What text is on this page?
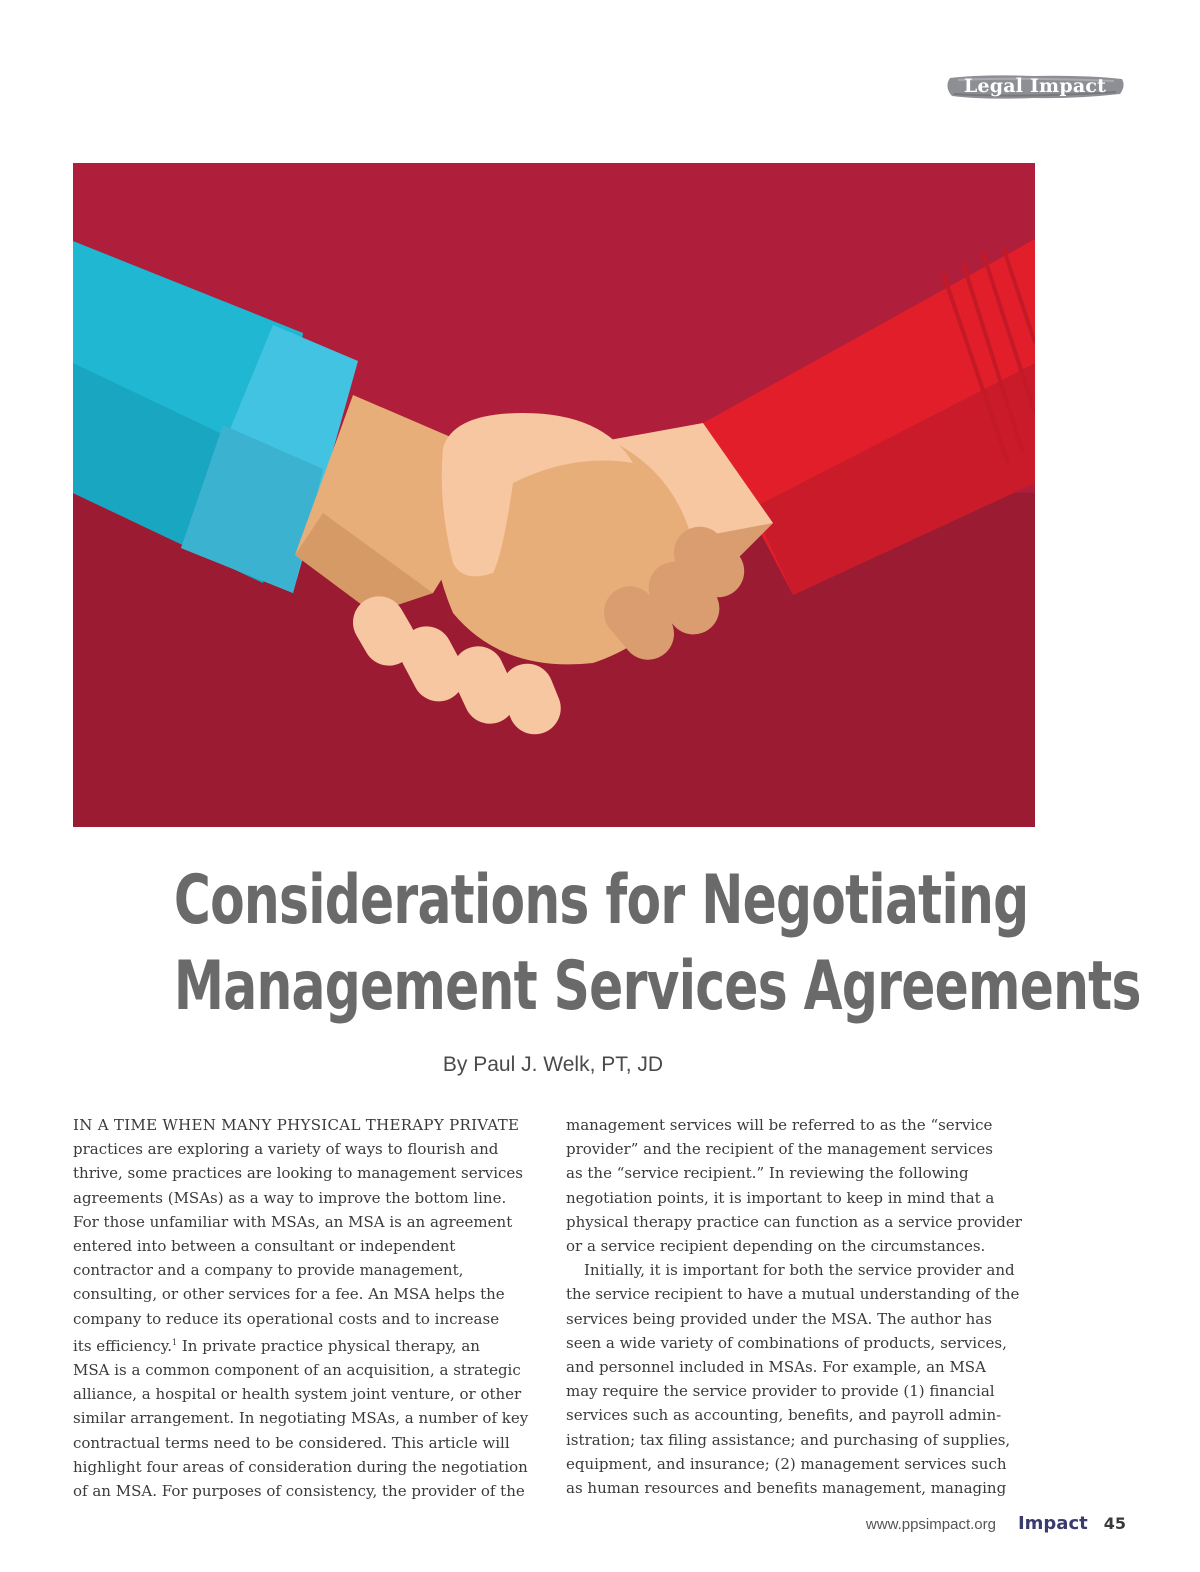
Legal Impact
Considerations for Negotiating
Management Services Agreements
By Paul J. Welk, PT, JD
IN A TIME WHEN MANY PHYSICAL THERAPY PRIVATE
practices are exploring a variety of ways to flourish and
thrive, some practices are looking to management services
agreements (MSAs) as a way to improve the bottom line.
For those unfamiliar with MSAs, an MSA is an agreement
entered into between a consultant or independent
contractor and a company to provide management,
consulting, or other services for a fee. An MSA helps the
company to reduce its operational costs and to increase
its efficiency.$^1$ In private practice physical therapy, an
MSA is a common component of an acquisition, a strategic
alliance, a hospital or health system joint venture, or other
similar arrangement. In negotiating MSAs, a number of key
contractual terms need to be considered. This article will
highlight four areas of consideration during the negotiation
of an MSA. For purposes of consistency, the provider of the
management services will be referred to as the “service
provider” and the recipient of the management services
as the “service recipient.” In reviewing the following
negotiation points, it is important to keep in mind that a
physical therapy practice can function as a service provider
or a service recipient depending on the circumstances.
Initially, it is important for both the service provider and
the service recipient to have a mutual understanding of the
services being provided under the MSA. The author has
seen a wide variety of combinations of products, services,
and personnel included in MSAs. For example, an MSA
may require the service provider to provide (1) financial
services such as accounting, benefits, and payroll admin-
istration; tax filing assistance; and purchasing of supplies,
equipment, and insurance; (2) management services such
as human resources and benefits management, managing
www.ppsimpact.org Impact 45
